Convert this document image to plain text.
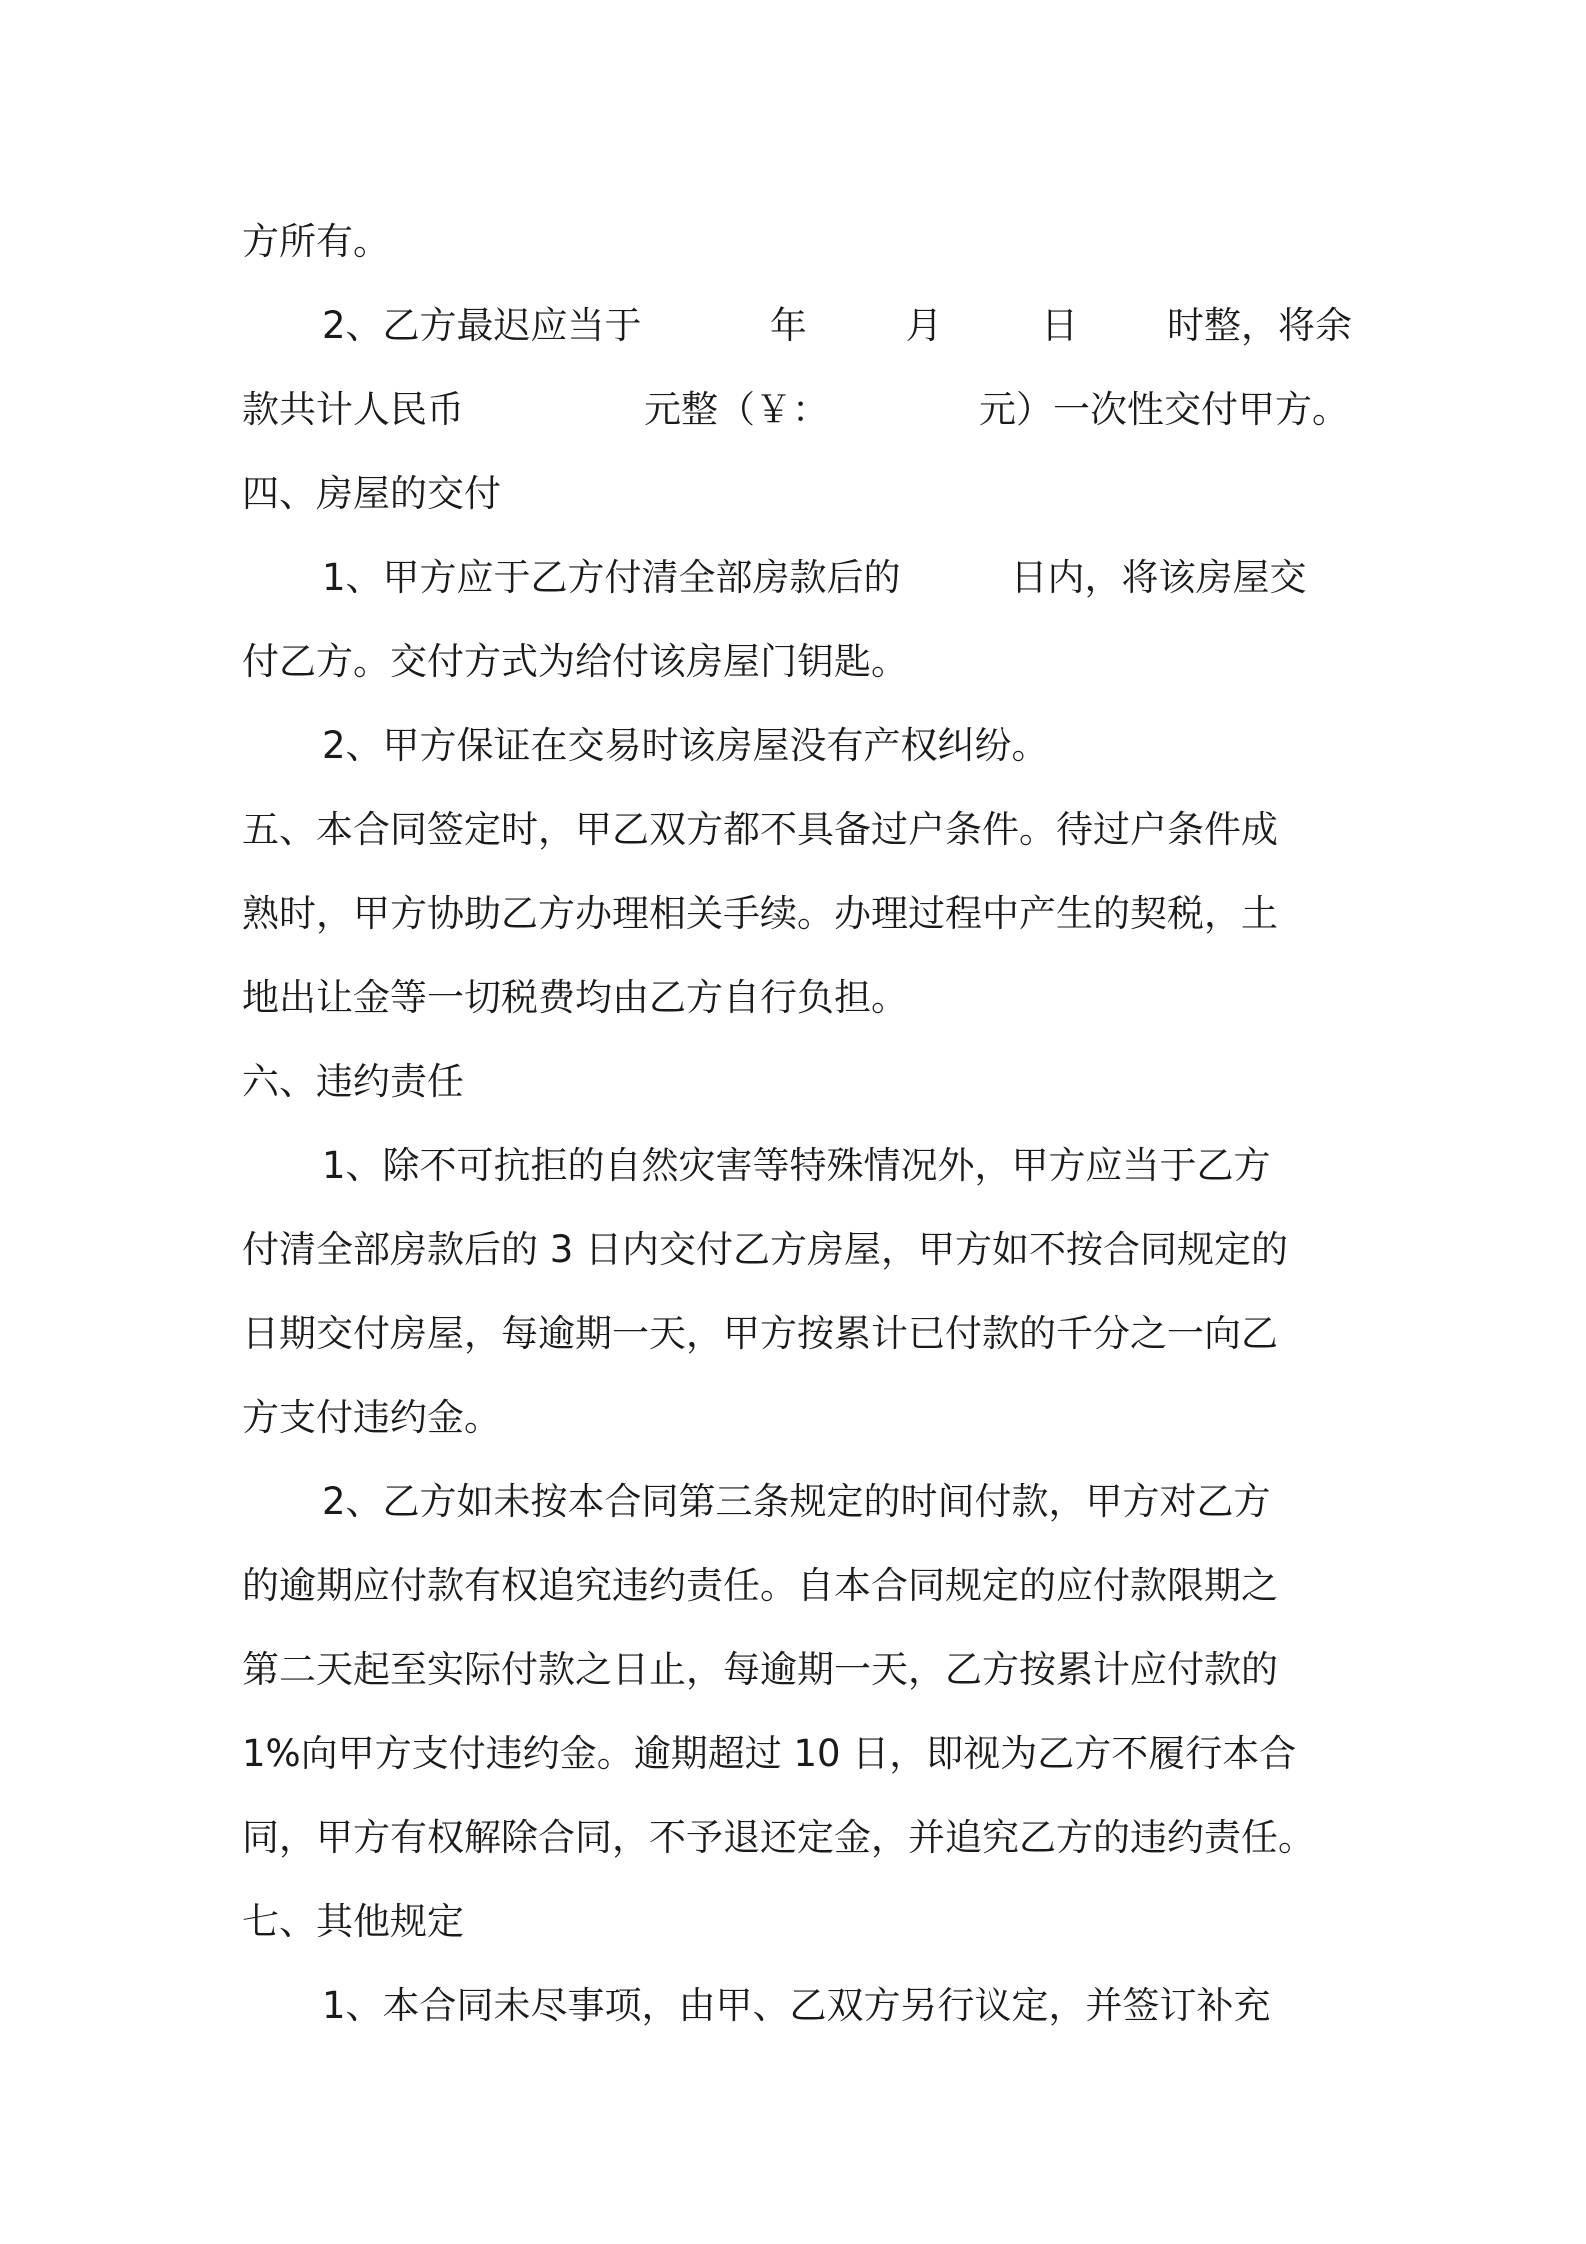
方所有。
2、乙方最迟应当于	年	月	日 时整，将余
款共计人民币	元整（￥：	元）一次性交付甲方。
四、房屋的交付
1、甲方应于乙方付清全部房款后的	日内，将该房屋交
付乙方。交付方式为给付该房屋门钥匙。
2、甲方保证在交易时该房屋没有产权纠纷。
五、本合同签定时，甲乙双方都不具备过户条件。待过户条件成
熟时，甲方协助乙方办理相关手续。办理过程中产生的契税，土
地出让金等一切税费均由乙方自行负担。
六、违约责任
1、除不可抗拒的自然灾害等特殊情况外，甲方应当于乙方
付清全部房款后的 3 日内交付乙方房屋，甲方如不按合同规定的
日期交付房屋，每逾期一天，甲方按累计已付款的千分之一向乙
方支付违约金。
2、乙方如未按本合同第三条规定的时间付款，甲方对乙方
的逾期应付款有权追究违约责任。自本合同规定的应付款限期之
第二天起至实际付款之日止，每逾期一天，乙方按累计应付款的
1%向甲方支付违约金。逾期超过 10 日，即视为乙方不履行本合
同，甲方有权解除合同，不予退还定金，并追究乙方的违约责任。
七、其他规定
1、本合同未尽事项，由甲、乙双方另行议定，并签订补充
